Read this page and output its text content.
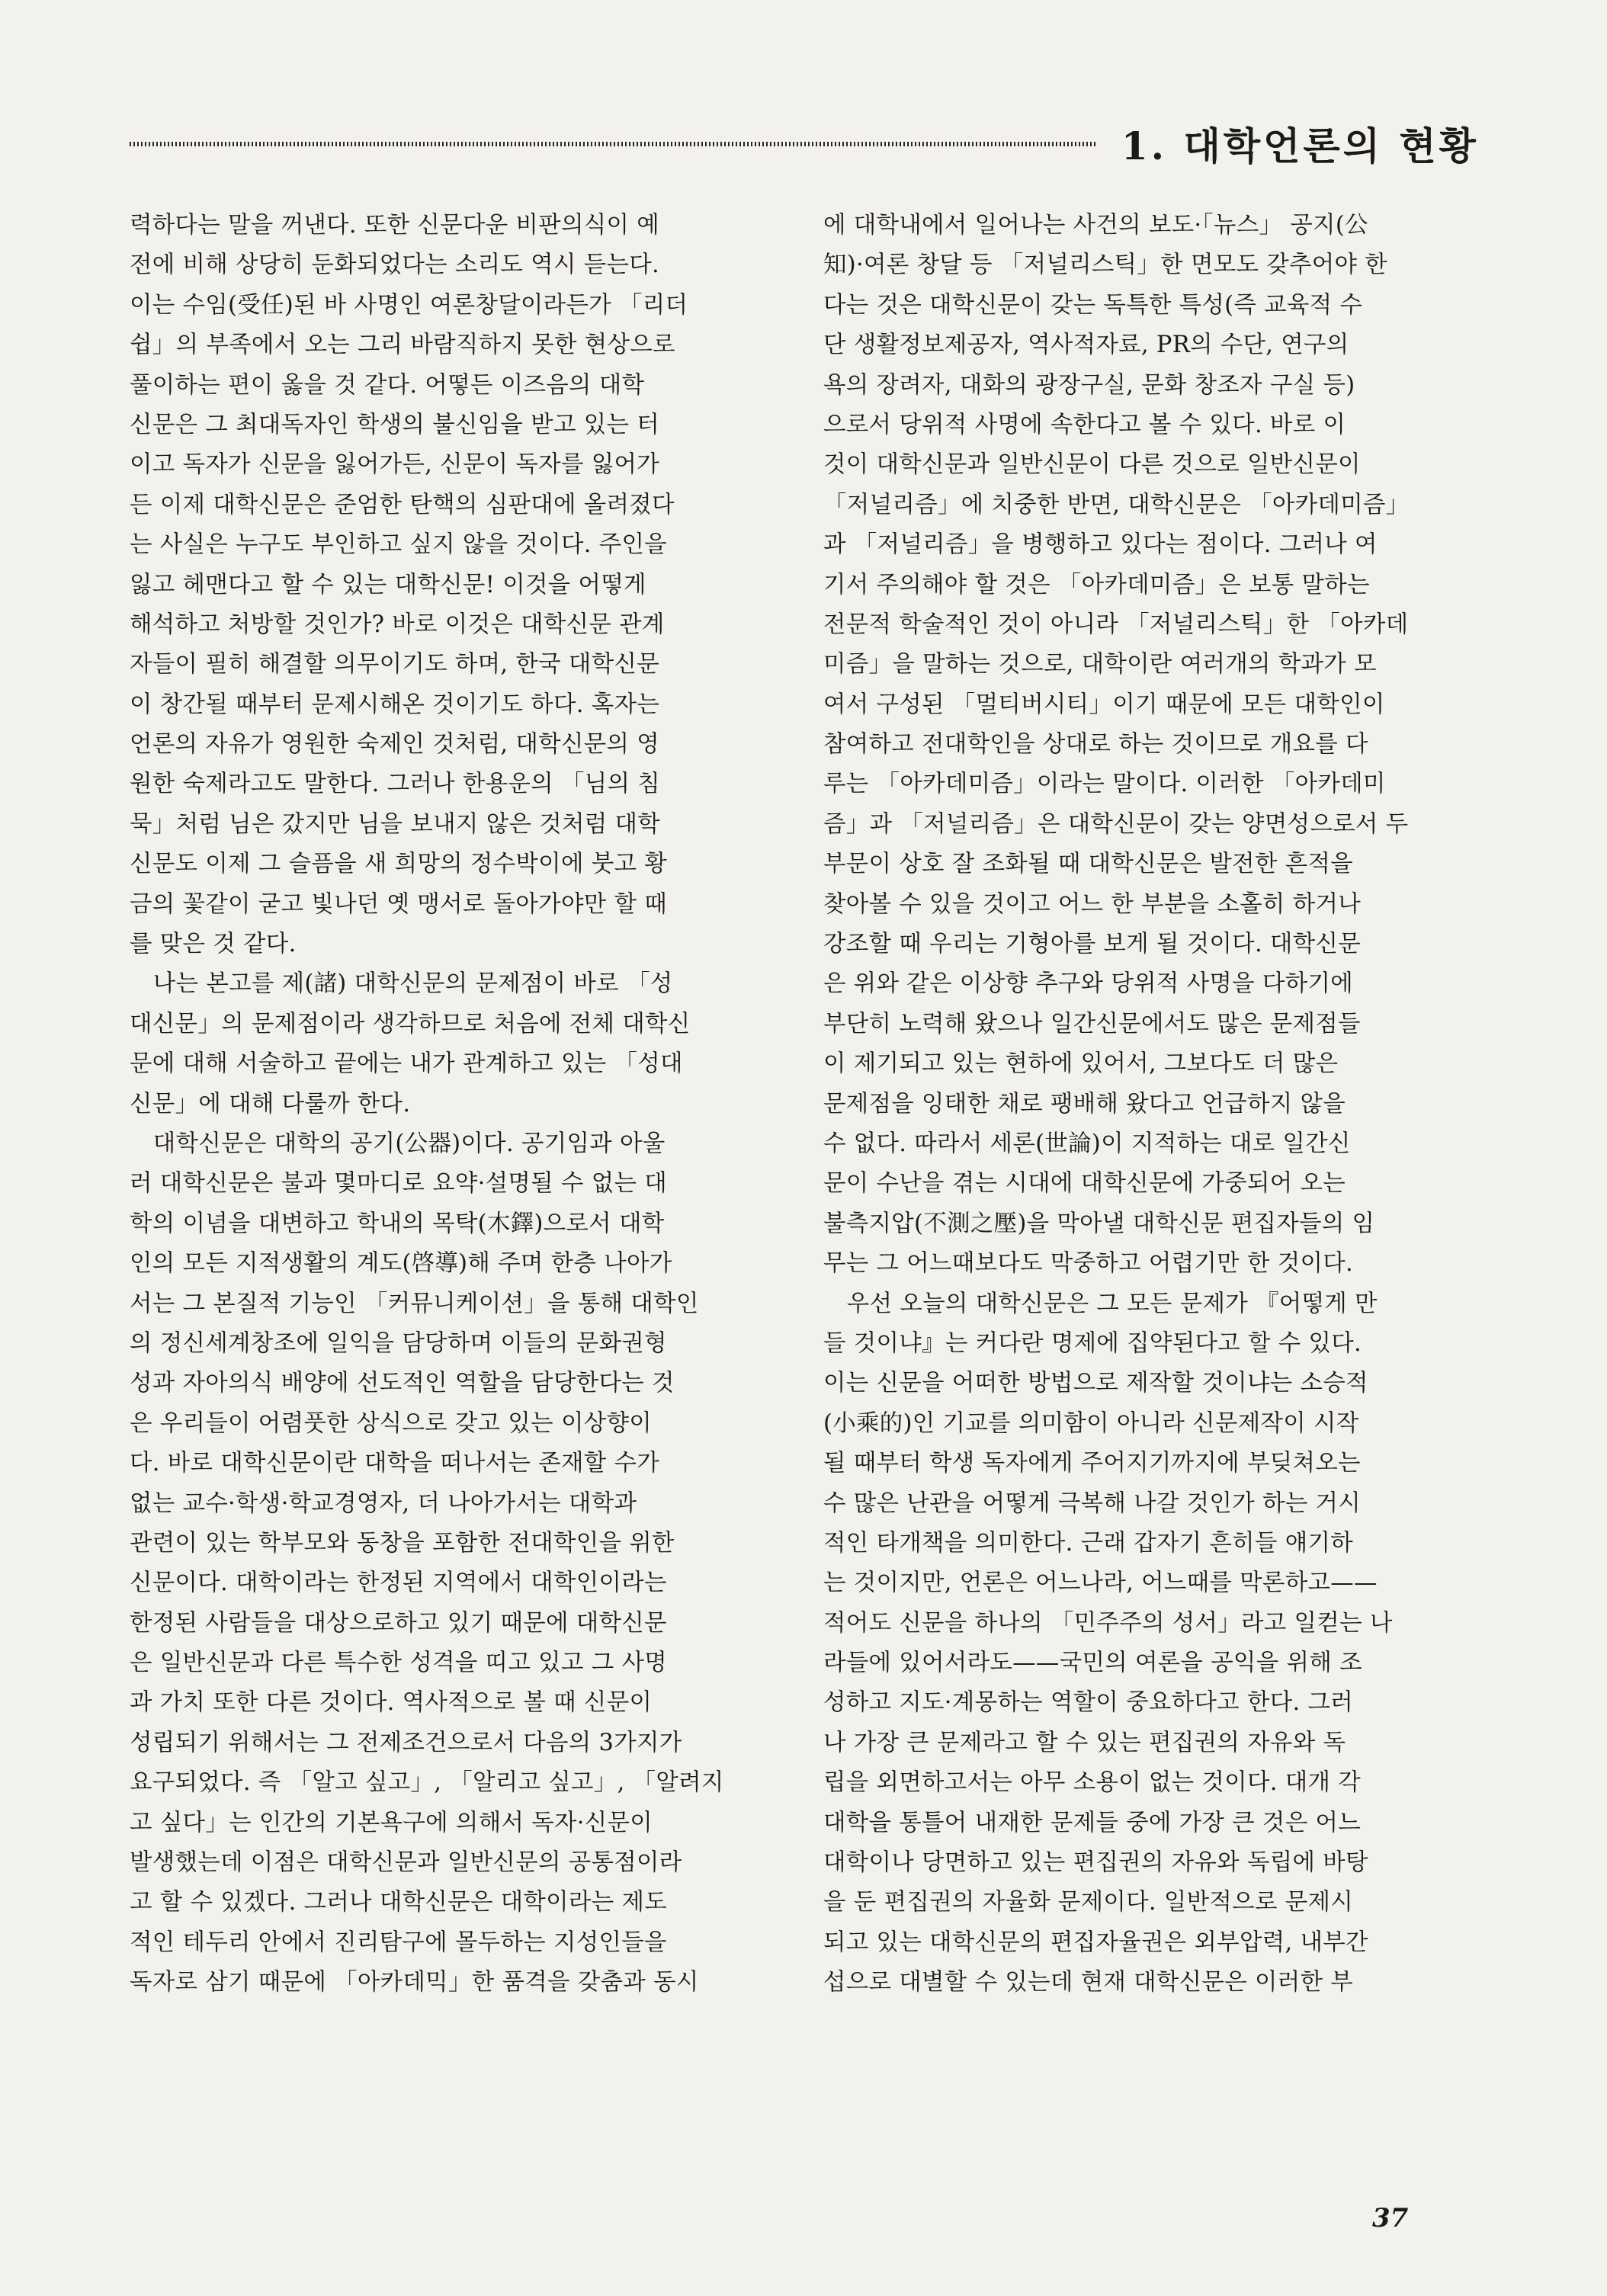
1. 대학언론의 현황
력하다는 말을 꺼낸다. 또한 신문다운 비판의식이 예
전에 비해 상당히 둔화되었다는 소리도 역시 듣는다.
이는 수임(受任)된 바 사명인 여론창달이라든가 「리더
쉽」의 부족에서 오는 그리 바람직하지 못한 현상으로
풀이하는 편이 옳을 것 같다. 어떻든 이즈음의 대학
신문은 그 최대독자인 학생의 불신임을 받고 있는 터
이고 독자가 신문을 잃어가든, 신문이 독자를 잃어가
든 이제 대학신문은 준엄한 탄핵의 심판대에 올려졌다
는 사실은 누구도 부인하고 싶지 않을 것이다. 주인을
잃고 헤맨다고 할 수 있는 대학신문! 이것을 어떻게
해석하고 처방할 것인가? 바로 이것은 대학신문 관계
자들이 필히 해결할 의무이기도 하며, 한국 대학신문
이 창간될 때부터 문제시해온 것이기도 하다. 혹자는
언론의 자유가 영원한 숙제인 것처럼, 대학신문의 영
원한 숙제라고도 말한다. 그러나 한용운의 「님의 침
묵」처럼 님은 갔지만 님을 보내지 않은 것처럼 대학
신문도 이제 그 슬픔을 새 희망의 정수박이에 붓고 황
금의 꽃같이 굳고 빛나던 옛 맹서로 돌아가야만 할 때
를 맞은 것 같다.
　나는 본고를 제(諸) 대학신문의 문제점이 바로 「성
대신문」의 문제점이라 생각하므로 처음에 전체 대학신
문에 대해 서술하고 끝에는 내가 관계하고 있는 「성대
신문」에 대해 다룰까 한다.
　대학신문은 대학의 공기(公器)이다. 공기임과 아울
러 대학신문은 불과 몇마디로 요약·설명될 수 없는 대
학의 이념을 대변하고 학내의 목탁(木鐸)으로서 대학
인의 모든 지적생활의 계도(啓導)해 주며 한층 나아가
서는 그 본질적 기능인 「커뮤니케이션」을 통해 대학인
의 정신세계창조에 일익을 담당하며 이들의 문화권형
성과 자아의식 배양에 선도적인 역할을 담당한다는 것
은 우리들이 어렴풋한 상식으로 갖고 있는 이상향이
다. 바로 대학신문이란 대학을 떠나서는 존재할 수가
없는 교수·학생·학교경영자, 더 나아가서는 대학과
관련이 있는 학부모와 동창을 포함한 전대학인을 위한
신문이다. 대학이라는 한정된 지역에서 대학인이라는
한정된 사람들을 대상으로하고 있기 때문에 대학신문
은 일반신문과 다른 특수한 성격을 띠고 있고 그 사명
과 가치 또한 다른 것이다. 역사적으로 볼 때 신문이
성립되기 위해서는 그 전제조건으로서 다음의 3가지가
요구되었다. 즉 「알고 싶고」, 「알리고 싶고」, 「알려지
고 싶다」는 인간의 기본욕구에 의해서 독자·신문이
발생했는데 이점은 대학신문과 일반신문의 공통점이라
고 할 수 있겠다. 그러나 대학신문은 대학이라는 제도
적인 테두리 안에서 진리탐구에 몰두하는 지성인들을
독자로 삼기 때문에 「아카데믹」한 품격을 갖춤과 동시
에 대학내에서 일어나는 사건의 보도·「뉴스」 공지(公
知)·여론 창달 등 「저널리스틱」한 면모도 갖추어야 한
다는 것은 대학신문이 갖는 독특한 특성(즉 교육적 수
단 생활정보제공자, 역사적자료, PR의 수단, 연구의
욕의 장려자, 대화의 광장구실, 문화 창조자 구실 등)
으로서 당위적 사명에 속한다고 볼 수 있다. 바로 이
것이 대학신문과 일반신문이 다른 것으로 일반신문이
「저널리즘」에 치중한 반면, 대학신문은 「아카데미즘」
과 「저널리즘」을 병행하고 있다는 점이다. 그러나 여
기서 주의해야 할 것은 「아카데미즘」은 보통 말하는
전문적 학술적인 것이 아니라 「저널리스틱」한 「아카데
미즘」을 말하는 것으로, 대학이란 여러개의 학과가 모
여서 구성된 「멀티버시티」이기 때문에 모든 대학인이
참여하고 전대학인을 상대로 하는 것이므로 개요를 다
루는 「아카데미즘」이라는 말이다. 이러한 「아카데미
즘」과 「저널리즘」은 대학신문이 갖는 양면성으로서 두
부문이 상호 잘 조화될 때 대학신문은 발전한 흔적을
찾아볼 수 있을 것이고 어느 한 부분을 소홀히 하거나
강조할 때 우리는 기형아를 보게 될 것이다. 대학신문
은 위와 같은 이상향 추구와 당위적 사명을 다하기에
부단히 노력해 왔으나 일간신문에서도 많은 문제점들
이 제기되고 있는 현하에 있어서, 그보다도 더 많은
문제점을 잉태한 채로 팽배해 왔다고 언급하지 않을
수 없다. 따라서 세론(世論)이 지적하는 대로 일간신
문이 수난을 겪는 시대에 대학신문에 가중되어 오는
불측지압(不測之壓)을 막아낼 대학신문 편집자들의 임
무는 그 어느때보다도 막중하고 어렵기만 한 것이다.
　우선 오늘의 대학신문은 그 모든 문제가 『어떻게 만
들 것이냐』는 커다란 명제에 집약된다고 할 수 있다.
이는 신문을 어떠한 방법으로 제작할 것이냐는 소승적
(小乘的)인 기교를 의미함이 아니라 신문제작이 시작
될 때부터 학생 독자에게 주어지기까지에 부딪쳐오는
수 많은 난관을 어떻게 극복해 나갈 것인가 하는 거시
적인 타개책을 의미한다. 근래 갑자기 흔히들 얘기하
는 것이지만, 언론은 어느나라, 어느때를 막론하고——
적어도 신문을 하나의 「민주주의 성서」라고 일컫는 나
라들에 있어서라도——국민의 여론을 공익을 위해 조
성하고 지도·계몽하는 역할이 중요하다고 한다. 그러
나 가장 큰 문제라고 할 수 있는 편집권의 자유와 독
립을 외면하고서는 아무 소용이 없는 것이다. 대개 각
대학을 통틀어 내재한 문제들 중에 가장 큰 것은 어느
대학이나 당면하고 있는 편집권의 자유와 독립에 바탕
을 둔 편집권의 자율화 문제이다. 일반적으로 문제시
되고 있는 대학신문의 편집자율권은 외부압력, 내부간
섭으로 대별할 수 있는데 현재 대학신문은 이러한 부
37
